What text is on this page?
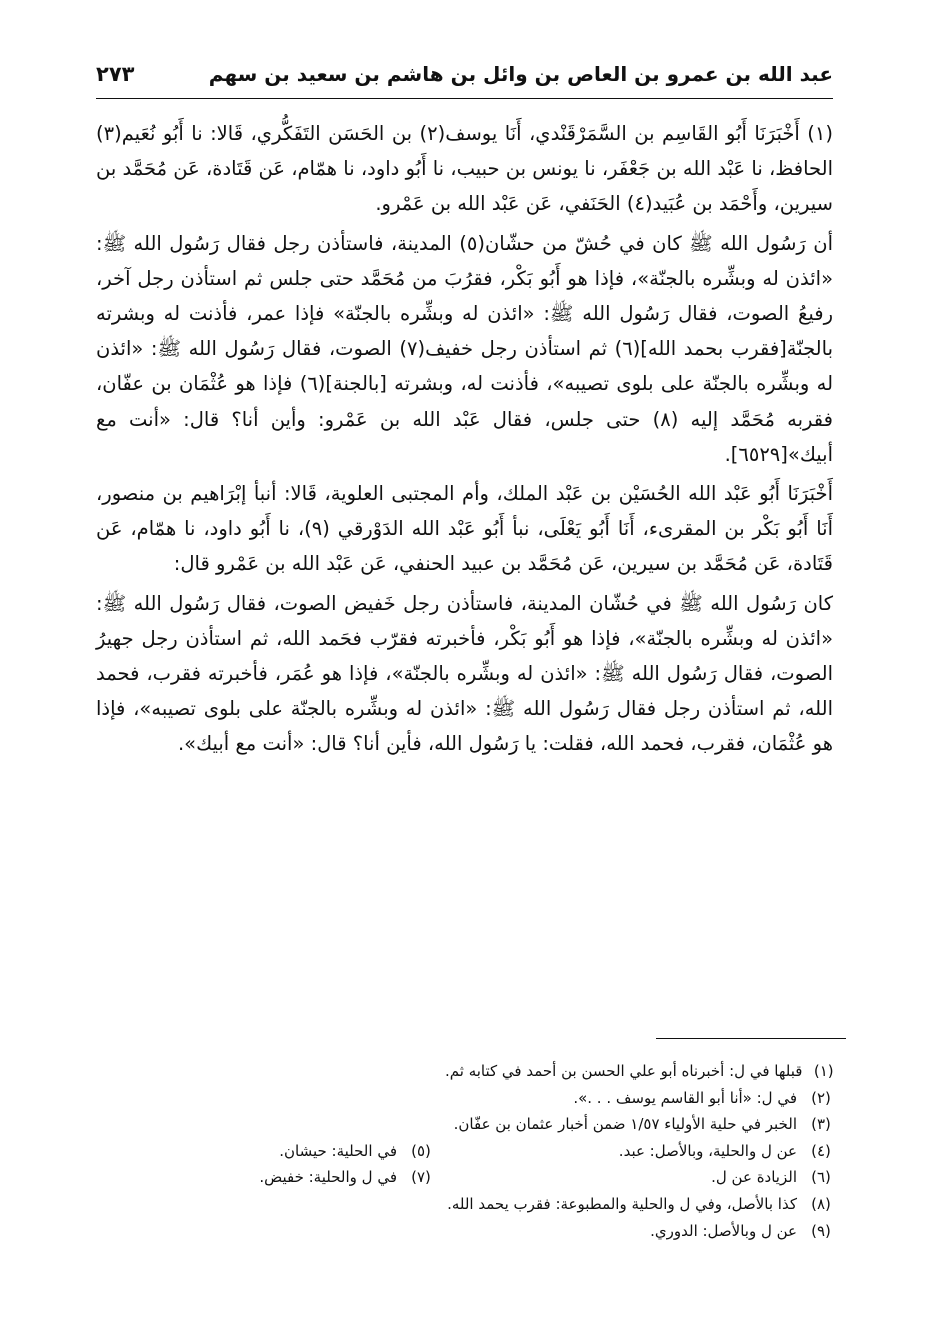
عبد الله بن عمرو بن العاص بن وائل بن هاشم بن سعيد بن سهم
٢٧٣

(١) أَخْبَرَنَا أَبُو القَاسِم بن السَّمَرْقَنْدي، أَنَا يوسف(٢) بن الحَسَن التَفَكُّري، قَالا: نا أَبُو نُعَيم(٣) الحافظ، نا عَبْد الله بن جَعْفَر، نا يونس بن حبيب، نا أَبُو داود، نا همّام، عَن قَتَادة، عَن مُحَمَّد بن سيرين، وأَحْمَد بن عُبَيد(٤) الحَنَفي، عَن عَبْد الله بن عَمْرو.

أن رَسُول الله ﷺ كان في حُشّ من حشّان(٥) المدينة، فاستأذن رجل فقال رَسُول الله ﷺ: «ائذن له وبشِّره بالجنّة»، فإذا هو أَبُو بَكْر، فقرُبَ من مُحَمَّد حتى جلس ثم استأذن رجل آخر، رفيعُ الصوت، فقال رَسُول الله ﷺ: «ائذن له وبشِّره بالجنّة» فإذا عمر، فأذنت له وبشرته بالجنّة[فقرب بحمد الله](٦) ثم استأذن رجل خفيف(٧) الصوت، فقال رَسُول الله ﷺ: «ائذن له وبشِّره بالجنّة على بلوى تصيبه»، فأذنت له، وبشرته [بالجنة](٦) فإذا هو عُثْمَان بن عفّان، فقربه مُحَمَّد إليه (٨) حتى جلس، فقال عَبْد الله بن عَمْرو: وأين أنا؟ قال: «أنت مع أبيك»[٦٥٢٩].

أَخْبَرَنَا أَبُو عَبْد الله الحُسَيْن بن عَبْد الملك، وأم المجتبى العلوية، قَالا: أنبأ إبْرَاهيم بن منصور، أَنَا أَبُو بَكْر بن المقرىء، أَنَا أَبُو يَعْلَى، نبأ أَبُو عَبْد الله الدَوْرقي (٩)، نا أَبُو داود، نا همّام، عَن قَتَادة، عَن مُحَمَّد بن سيرين، عَن مُحَمَّد بن عبيد الحنفي، عَن عَبْد الله بن عَمْرو قال:

كان رَسُول الله ﷺ في حُشّان المدينة، فاستأذن رجل خَفيض الصوت، فقال رَسُول الله ﷺ: «ائذن له وبشِّره بالجنّة»، فإذا هو أَبُو بَكْر، فأخبرته فقرّب فحَمد الله، ثم استأذن رجل جهيرُ الصوت، فقال رَسُول الله ﷺ: «ائذن له وبشِّره بالجنّة»، فإذا هو عُمَر، فأخبرته فقرب، فحمد الله، ثم استأذن رجل فقال رَسُول الله ﷺ: «ائذن له وبشِّره بالجنّة على بلوى تصيبه»، فإذا هو عُثْمَان، فقرب، فحمد الله، فقلت: يا رَسُول الله، فأين أنا؟ قال: «أنت مع أبيك».

(١)
قبلها في ل: أخبرناه أبو علي الحسن بن أحمد في كتابه ثم.
(٢)
في ل: «أنا أبو القاسم يوسف . . .».
(٣)
الخبر في حلية الأولياء ١/٥٧ ضمن أخبار عثمان بن عفّان.
(٤)
عن ل والحلية، وبالأصل: عبد.
(٥)
في الحلية: حيشان.
(٦)
الزيادة عن ل.
(٧)
في ل والحلية: خفيض.
(٨)
كذا بالأصل، وفي ل والحلية والمطبوعة: فقرب يحمد الله.
(٩)
عن ل وبالأصل: الدوري.
